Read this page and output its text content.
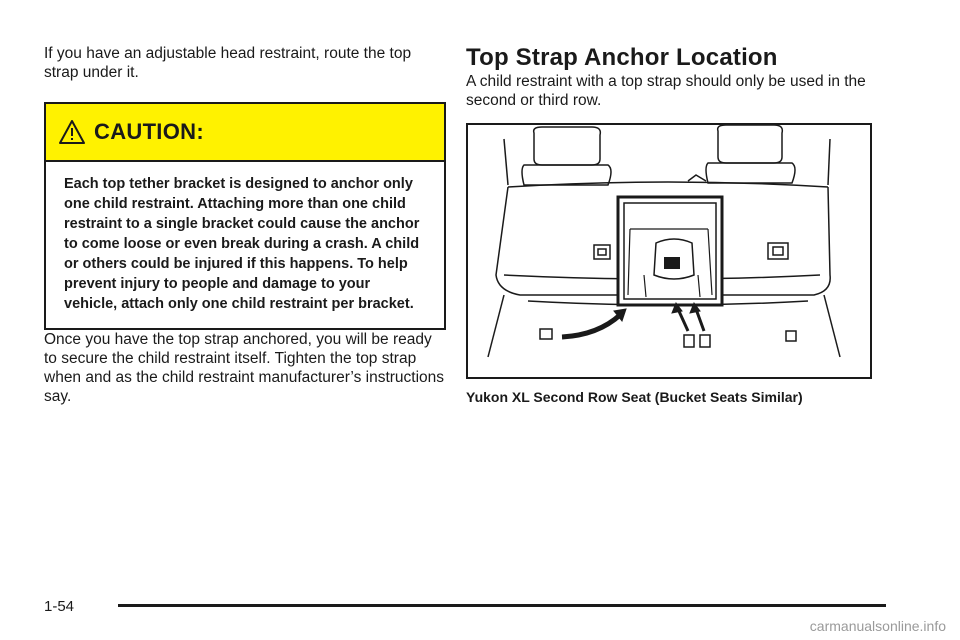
If you have an adjustable head restraint, route the top strap under it.

CAUTION:
Each top tether bracket is designed to anchor only one child restraint. Attaching more than one child restraint to a single bracket could cause the anchor to come loose or even break during a crash. A child or others could be injured if this happens. To help prevent injury to people and damage to your vehicle, attach only one child restraint per bracket.

Once you have the top strap anchored, you will be ready to secure the child restraint itself. Tighten the top strap when and as the child restraint manufacturer’s instructions say.

Top Strap Anchor Location

A child restraint with a top strap should only be used in the second or third row.

Yukon XL Second Row Seat (Bucket Seats Similar)
1-54
carmanualsonline.info
